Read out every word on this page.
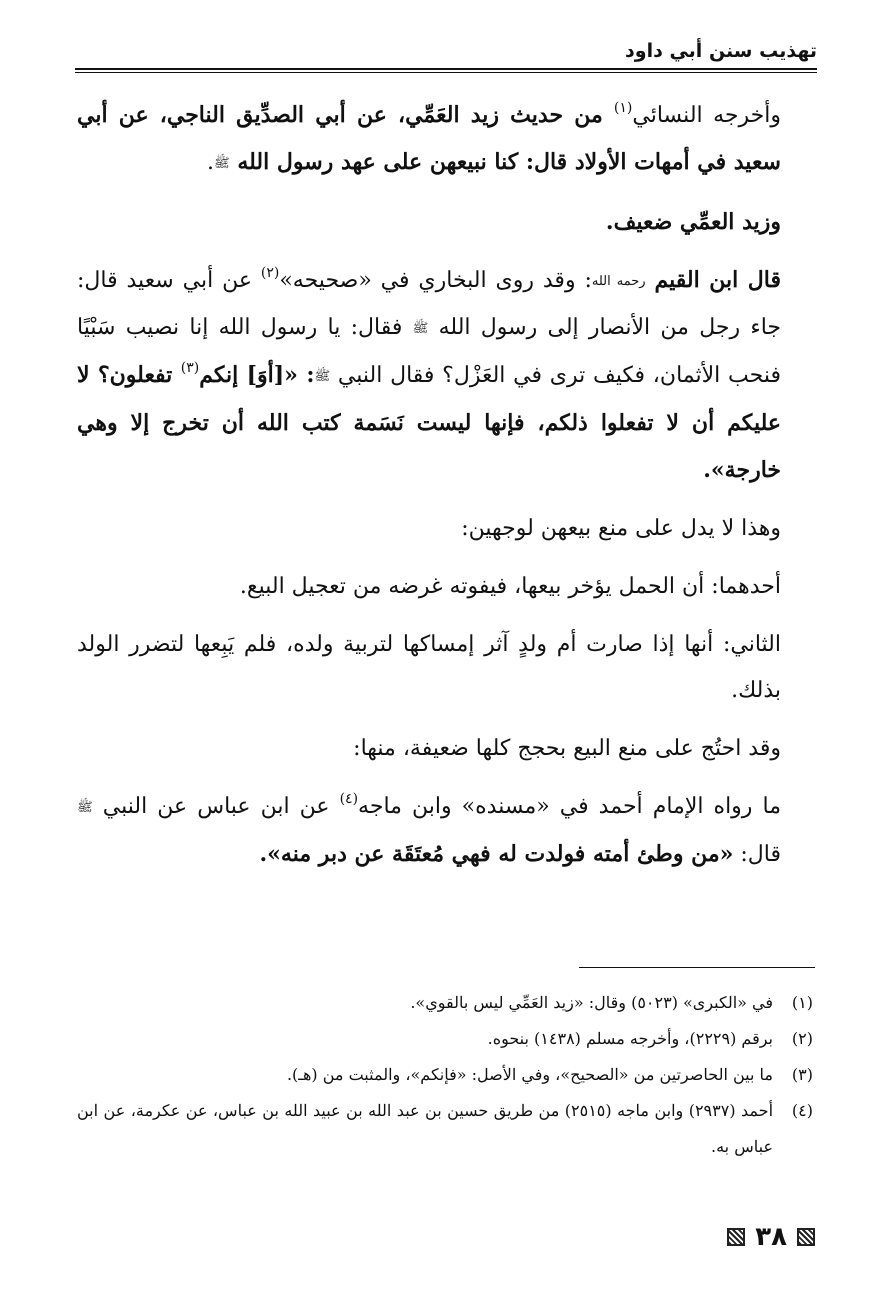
تهذيب سنن أبي داود

وأخرجه النسائي$^{(١)}$ من حديث زيد العَمِّي، عن أبي الصدِّيق الناجي، عن أبي سعيد في أمهات الأولاد قال: كنا نبيعهن على عهد رسول الله ﷺ.

وزيد العمِّي ضعيف.

قال ابن القيم رحمه الله: وقد روى البخاري في «صحيحه»$^{(٢)}$ عن أبي سعيد قال: جاء رجل من الأنصار إلى رسول الله ﷺ فقال: يا رسول الله إنا نصيب سَبْيًا فنحب الأثمان، فكيف ترى في العَزْل؟ فقال النبي ﷺ: «[أوَ] إنكم$^{(٣)}$ تفعلون؟ لا عليكم أن لا تفعلوا ذلكم، فإنها ليست نَسَمة كتب الله أن تخرج إلا وهي خارجة».

وهذا لا يدل على منع بيعهن لوجهين:

أحدهما: أن الحمل يؤخر بيعها، فيفوته غرضه من تعجيل البيع.

الثاني: أنها إذا صارت أم ولدٍ آثر إمساكها لتربية ولده، فلم يَبِعها لتضرر الولد بذلك.

وقد احتُج على منع البيع بحجج كلها ضعيفة، منها:

ما رواه الإمام أحمد في «مسنده» وابن ماجه$^{(٤)}$ عن ابن عباس عن النبي ﷺ قال: «من وطئ أمته فولدت له فهي مُعتَقَة عن دبر منه».

(١)
في «الكبرى» (٥٠٢٣) وقال: «زيد العَمِّي ليس بالقوي».
(٢)
برقم (٢٢٢٩)، وأخرجه مسلم (١٤٣٨) بنحوه.
(٣)
ما بين الحاصرتين من «الصحيح»، وفي الأصل: «فإنكم»، والمثبت من (هـ).
(٤)
أحمد (٢٩٣٧) وابن ماجه (٢٥١٥) من طريق حسين بن عبد الله بن عبيد الله بن عباس، عن عكرمة، عن ابن عباس به.
٣٨
